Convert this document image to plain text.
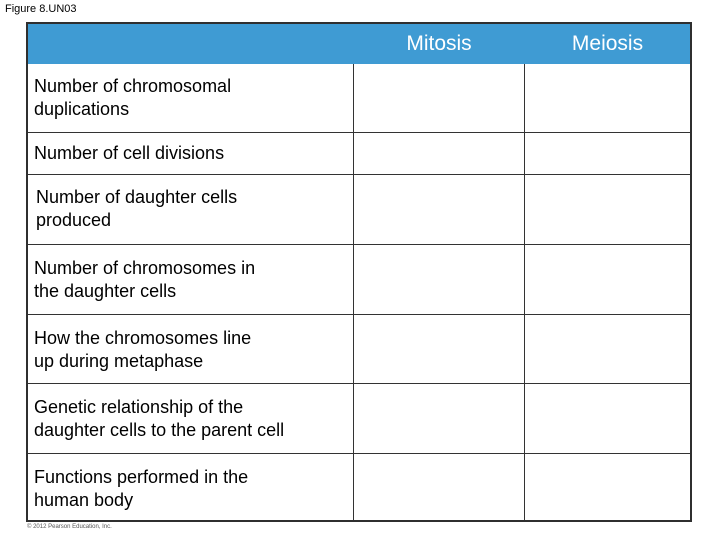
Figure 8.UN03
Mitosis	Meiosis
Number of chromosomal
duplications
Number of cell divisions
Number of daughter cells
produced
Number of chromosomes in
the daughter cells
How the chromosomes line
up during metaphase
Genetic relationship of the
daughter cells to the parent cell
Functions performed in the
human body
© 2012 Pearson Education, Inc.
